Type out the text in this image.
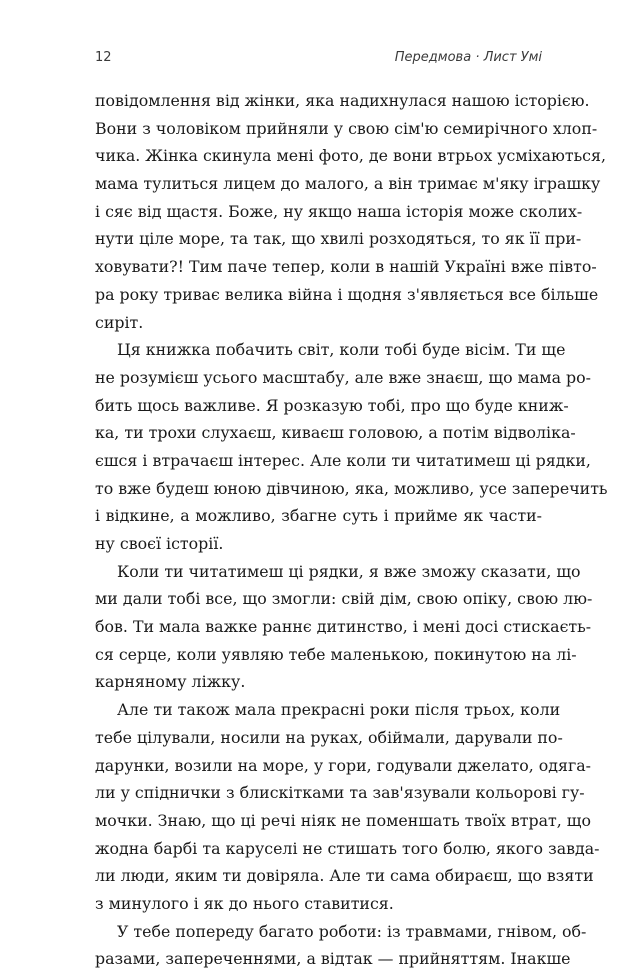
12	Передмова · Лист Умі
повідомлення від жінки, яка надихнулася нашою історією.
Вони з чоловіком прийняли у свою сім'ю семирічного хлоп-
чика. Жінка скинула мені фото, де вони втрьох усміхаються,
мама тулиться лицем до малого, а він тримає м'яку іграшку
і сяє від щастя. Боже, ну якщо наша історія може сколих-
нути ціле море, та так, що хвилі розходяться, то як її при-
ховувати?! Тим паче тепер, коли в нашій Україні вже півто-
ра року триває велика війна і щодня з'являється все більше
сиріт.
Ця книжка побачить світ, коли тобі буде вісім. Ти ще
не розумієш усього масштабу, але вже знаєш, що мама ро-
бить щось важливе. Я розказую тобі, про що буде книж-
ка, ти трохи слухаєш, киваєш головою, а потім відволіка-
єшся і втрачаєш інтерес. Але коли ти читатимеш ці рядки,
то вже будеш юною дівчиною, яка, можливо, усе заперечить
і відкине, а можливо, збагне суть і прийме як части-
ну своєї історії.
Коли ти читатимеш ці рядки, я вже зможу сказати, що
ми дали тобі все, що змогли: свій дім, свою опіку, свою лю-
бов. Ти мала важке раннє дитинство, і мені досі стискаєть-
ся серце, коли уявляю тебе маленькою, покинутою на лі-
карняному ліжку.
Але ти також мала прекрасні роки після трьох, коли
тебе цілували, носили на руках, обіймали, дарували по-
дарунки, возили на море, у гори, годували джелато, одяга-
ли у спіднички з блискітками та зав'язували кольорові гу-
мочки. Знаю, що ці речі ніяк не поменшать твоїх втрат, що
жодна барбі та каруселі не стишать того болю, якого завда-
ли люди, яким ти довіряла. Але ти сама обираєш, що взяти
з минулого і як до нього ставитися.
У тебе попереду багато роботи: із травмами, гнівом, об-
разами, запереченнями, а відтак — прийняттям. Інакше
